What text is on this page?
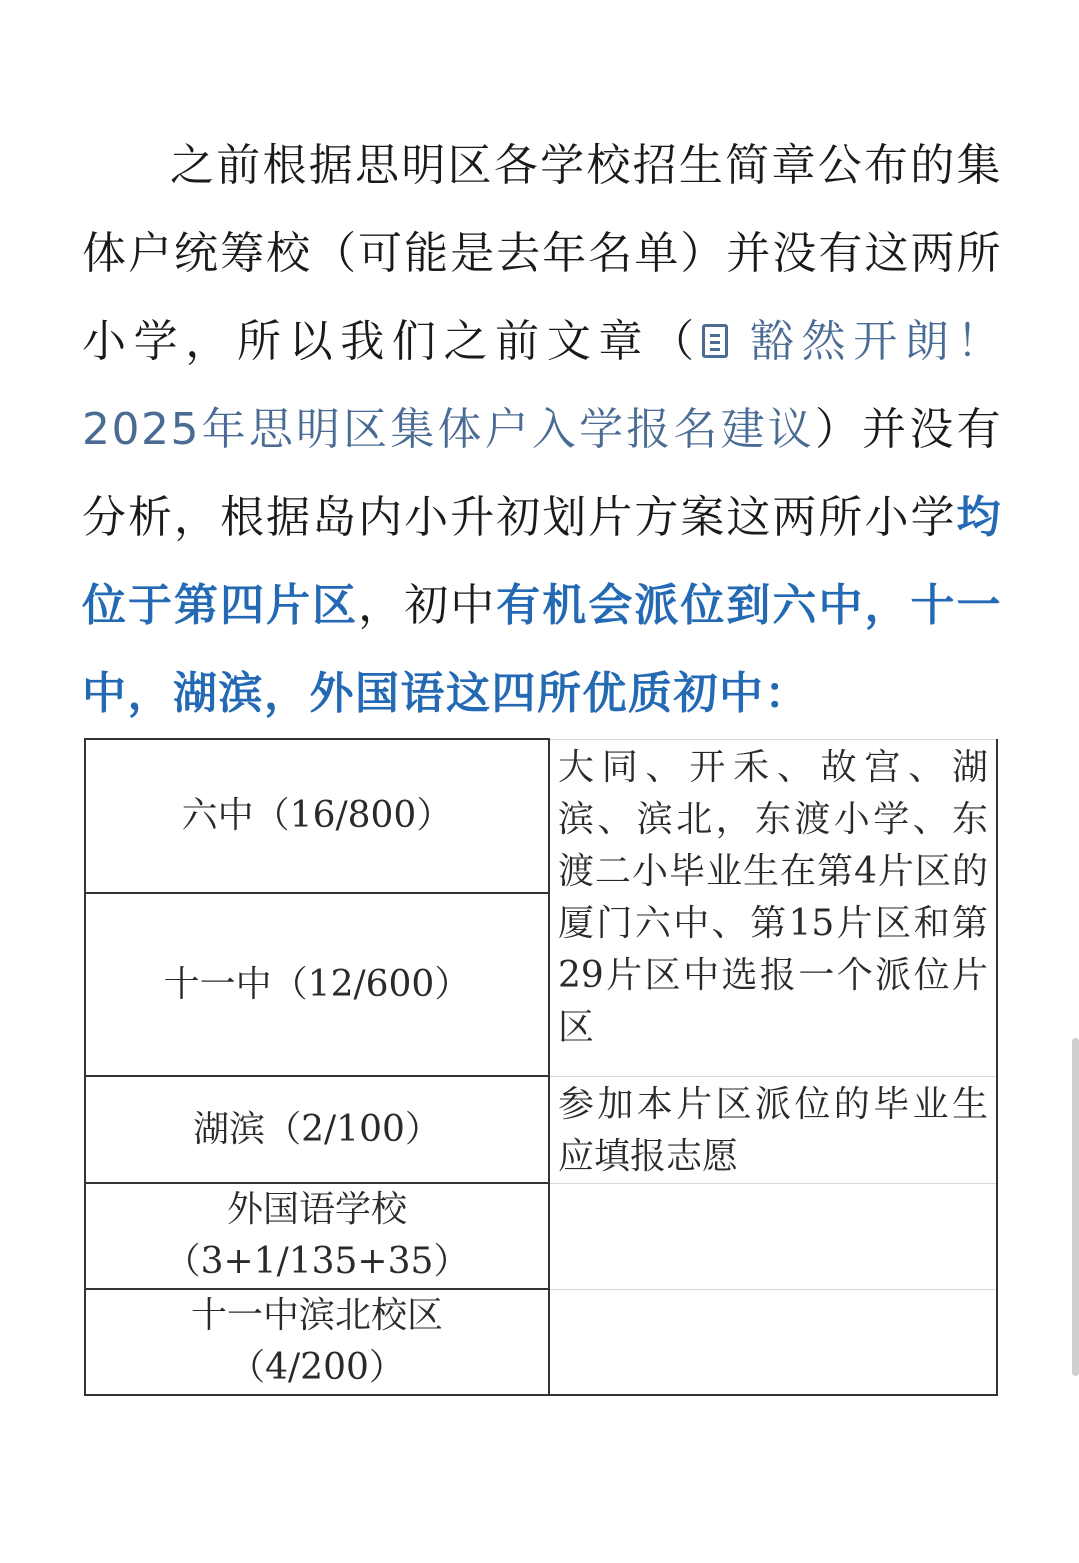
之前根据思明区各学校招生简章公布的集体户统筹校（可能是去年名单）并没有这两所小学，所以我们之前文章（ 豁然开朗！2025年思明区集体户入学报名建议）并没有分析，根据岛内小升初划片方案这两所小学均位于第四片区，初中有机会派位到六中，十一中，湖滨，外国语这四所优质初中：

六中（16/800）	大同、开禾、故宫、湖滨、滨北，东渡小学、东渡二小毕业生在第4片区的厦门六中、第15片区和第29片区中选报一个派位片区
十一中（12/600）	
湖滨（2/100）	参加本片区派位的毕业生应填报志愿

外国语学校
（3+1/135+35）	

十一中滨北校区
（4/200）	
